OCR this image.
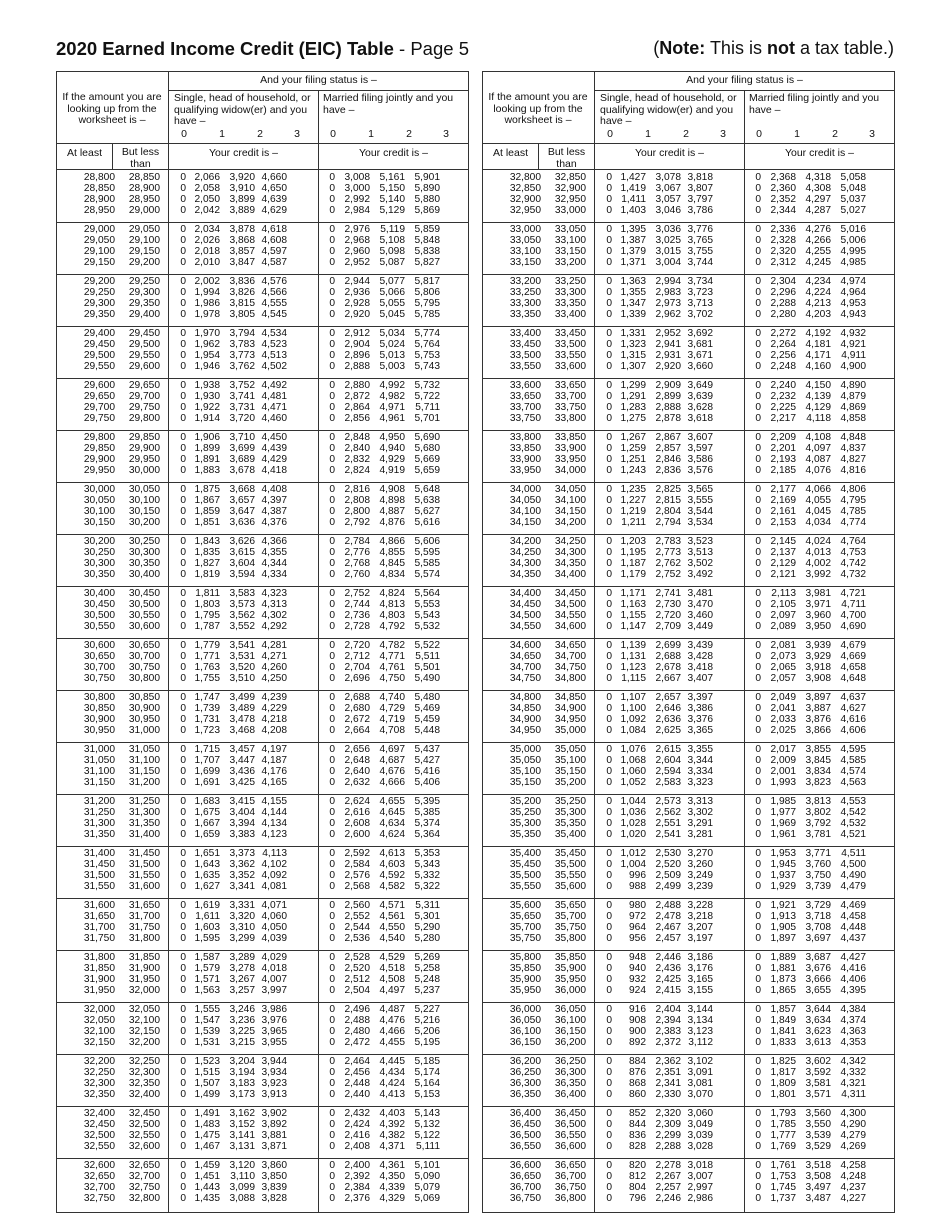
2020 Earned Income Credit (EIC) Table - Page 5	(Note: This is not a tax table.)
And your filing status is –
If the amount you are looking up from the worksheet is –
Single, head of household, or qualifying widow(er) and you have –
Married filing jointly and you have –
0	1	2	3	0	1	2	3
At least	But less than
Your credit is –	Your credit is –
28,800 28,850 0 2,066 3,920 4,660	0 3,008 5,161 5,901
28,850 28,900 0 2,058 3,910 4,650	0 3,000 5,150 5,890
28,900 28,950 0 2,050 3,899 4,639	0 2,992 5,140 5,880
28,950 29,000 0 2,042 3,889 4,629	0 2,984 5,129 5,869
29,000 29,050 0 2,034 3,878 4,618	0 2,976 5,119 5,859
29,050 29,100 0 2,026 3,868 4,608	0 2,968 5,108 5,848
29,100 29,150 0 2,018 3,857 4,597	0 2,960 5,098 5,838
29,150 29,200 0 2,010 3,847 4,587	0 2,952 5,087 5,827
29,200 29,250 0 2,002 3,836 4,576	0 2,944 5,077 5,817
29,250 29,300 0 1,994 3,826 4,566	0 2,936 5,066 5,806
29,300 29,350 0 1,986 3,815 4,555	0 2,928 5,055 5,795
29,350 29,400 0 1,978 3,805 4,545	0 2,920 5,045 5,785
29,400 29,450 0 1,970 3,794 4,534	0 2,912 5,034 5,774
29,450 29,500 0 1,962 3,783 4,523	0 2,904 5,024 5,764
29,500 29,550 0 1,954 3,773 4,513	0 2,896 5,013 5,753
29,550 29,600 0 1,946 3,762 4,502	0 2,888 5,003 5,743
29,600 29,650 0 1,938 3,752 4,492	0 2,880 4,992 5,732
29,650 29,700 0 1,930 3,741 4,481	0 2,872 4,982 5,722
29,700 29,750 0 1,922 3,731 4,471	0 2,864 4,971 5,711
29,750 29,800 0 1,914 3,720 4,460	0 2,856 4,961 5,701
29,800 29,850 0 1,906 3,710 4,450	0 2,848 4,950 5,690
29,850 29,900 0 1,899 3,699 4,439	0 2,840 4,940 5,680
29,900 29,950 0 1,891 3,689 4,429	0 2,832 4,929 5,669
29,950 30,000 0 1,883 3,678 4,418	0 2,824 4,919 5,659
30,000 30,050 0 1,875 3,668 4,408	0 2,816 4,908 5,648
30,050 30,100 0 1,867 3,657 4,397	0 2,808 4,898 5,638
30,100 30,150 0 1,859 3,647 4,387	0 2,800 4,887 5,627
30,150 30,200 0 1,851 3,636 4,376	0 2,792 4,876 5,616
30,200 30,250 0 1,843 3,626 4,366	0 2,784 4,866 5,606
30,250 30,300 0 1,835 3,615 4,355	0 2,776 4,855 5,595
30,300 30,350 0 1,827 3,604 4,344	0 2,768 4,845 5,585
30,350 30,400 0 1,819 3,594 4,334	0 2,760 4,834 5,574
30,400 30,450 0 1,811 3,583 4,323	0 2,752 4,824 5,564
30,450 30,500 0 1,803 3,573 4,313	0 2,744 4,813 5,553
30,500 30,550 0 1,795 3,562 4,302	0 2,736 4,803 5,543
30,550 30,600 0 1,787 3,552 4,292	0 2,728 4,792 5,532
30,600 30,650 0 1,779 3,541 4,281	0 2,720 4,782 5,522
30,650 30,700 0 1,771 3,531 4,271	0 2,712 4,771 5,511
30,700 30,750 0 1,763 3,520 4,260	0 2,704 4,761 5,501
30,750 30,800 0 1,755 3,510 4,250	0 2,696 4,750 5,490
30,800 30,850 0 1,747 3,499 4,239	0 2,688 4,740 5,480
30,850 30,900 0 1,739 3,489 4,229	0 2,680 4,729 5,469
30,900 30,950 0 1,731 3,478 4,218	0 2,672 4,719 5,459
30,950 31,000 0 1,723 3,468 4,208	0 2,664 4,708 5,448
31,000 31,050 0 1,715 3,457 4,197	0 2,656 4,697 5,437
31,050 31,100 0 1,707 3,447 4,187	0 2,648 4,687 5,427
31,100 31,150 0 1,699 3,436 4,176	0 2,640 4,676 5,416
31,150 31,200 0 1,691 3,425 4,165	0 2,632 4,666 5,406
31,200 31,250 0 1,683 3,415 4,155	0 2,624 4,655 5,395
31,250 31,300 0 1,675 3,404 4,144	0 2,616 4,645 5,385
31,300 31,350 0 1,667 3,394 4,134	0 2,608 4,634 5,374
31,350 31,400 0 1,659 3,383 4,123	0 2,600 4,624 5,364
31,400 31,450 0 1,651 3,373 4,113	0 2,592 4,613 5,353
31,450 31,500 0 1,643 3,362 4,102	0 2,584 4,603 5,343
31,500 31,550 0 1,635 3,352 4,092	0 2,576 4,592 5,332
31,550 31,600 0 1,627 3,341 4,081	0 2,568 4,582 5,322
31,600 31,650 0 1,619 3,331 4,071	0 2,560 4,571 5,311
31,650 31,700 0 1,611 3,320 4,060	0 2,552 4,561 5,301
31,700 31,750 0 1,603 3,310 4,050	0 2,544 4,550 5,290
31,750 31,800 0 1,595 3,299 4,039	0 2,536 4,540 5,280
31,800 31,850 0 1,587 3,289 4,029	0 2,528 4,529 5,269
31,850 31,900 0 1,579 3,278 4,018	0 2,520 4,518 5,258
31,900 31,950 0 1,571 3,267 4,007	0 2,512 4,508 5,248
31,950 32,000 0 1,563 3,257 3,997	0 2,504 4,497 5,237
32,000 32,050 0 1,555 3,246 3,986	0 2,496 4,487 5,227
32,050 32,100 0 1,547 3,236 3,976	0 2,488 4,476 5,216
32,100 32,150 0 1,539 3,225 3,965	0 2,480 4,466 5,206
32,150 32,200 0 1,531 3,215 3,955	0 2,472 4,455 5,195
32,200 32,250 0 1,523 3,204 3,944	0 2,464 4,445 5,185
32,250 32,300 0 1,515 3,194 3,934	0 2,456 4,434 5,174
32,300 32,350 0 1,507 3,183 3,923	0 2,448 4,424 5,164
32,350 32,400 0 1,499 3,173 3,913	0 2,440 4,413 5,153
32,400 32,450 0 1,491 3,162 3,902	0 2,432 4,403 5,143
32,450 32,500 0 1,483 3,152 3,892	0 2,424 4,392 5,132
32,500 32,550 0 1,475 3,141 3,881	0 2,416 4,382 5,122
32,550 32,600 0 1,467 3,131 3,871	0 2,408 4,371 5,111
32,600 32,650 0 1,459 3,120 3,860	0 2,400 4,361 5,101
32,650 32,700 0 1,451 3,110 3,850	0 2,392 4,350 5,090
32,700 32,750 0 1,443 3,099 3,839	0 2,384 4,339 5,079
32,750 32,800 0 1,435 3,088 3,828	0 2,376 4,329 5,069
And your filing status is –
If the amount you are looking up from the worksheet is –
Single, head of household, or qualifying widow(er) and you have –
Married filing jointly and you have –
0	1	2	3	0	1	2	3
At least	But less than
Your credit is –	Your credit is –
32,800 32,850 0 1,427 3,078 3,818	0 2,368 4,318 5,058
32,850 32,900 0 1,419 3,067 3,807	0 2,360 4,308 5,048
32,900 32,950 0 1,411 3,057 3,797	0 2,352 4,297 5,037
32,950 33,000 0 1,403 3,046 3,786	0 2,344 4,287 5,027
33,000 33,050 0 1,395 3,036 3,776	0 2,336 4,276 5,016
33,050 33,100 0 1,387 3,025 3,765	0 2,328 4,266 5,006
33,100 33,150 0 1,379 3,015 3,755	0 2,320 4,255 4,995
33,150 33,200 0 1,371 3,004 3,744	0 2,312 4,245 4,985
33,200 33,250 0 1,363 2,994 3,734	0 2,304 4,234 4,974
33,250 33,300 0 1,355 2,983 3,723	0 2,296 4,224 4,964
33,300 33,350 0 1,347 2,973 3,713	0 2,288 4,213 4,953
33,350 33,400 0 1,339 2,962 3,702	0 2,280 4,203 4,943
33,400 33,450 0 1,331 2,952 3,692	0 2,272 4,192 4,932
33,450 33,500 0 1,323 2,941 3,681	0 2,264 4,181 4,921
33,500 33,550 0 1,315 2,931 3,671	0 2,256 4,171 4,911
33,550 33,600 0 1,307 2,920 3,660	0 2,248 4,160 4,900
33,600 33,650 0 1,299 2,909 3,649	0 2,240 4,150 4,890
33,650 33,700 0 1,291 2,899 3,639	0 2,232 4,139 4,879
33,700 33,750 0 1,283 2,888 3,628	0 2,225 4,129 4,869
33,750 33,800 0 1,275 2,878 3,618	0 2,217 4,118 4,858
33,800 33,850 0 1,267 2,867 3,607	0 2,209 4,108 4,848
33,850 33,900 0 1,259 2,857 3,597	0 2,201 4,097 4,837
33,900 33,950 0 1,251 2,846 3,586	0 2,193 4,087 4,827
33,950 34,000 0 1,243 2,836 3,576	0 2,185 4,076 4,816
34,000 34,050 0 1,235 2,825 3,565	0 2,177 4,066 4,806
34,050 34,100 0 1,227 2,815 3,555	0 2,169 4,055 4,795
34,100 34,150 0 1,219 2,804 3,544	0 2,161 4,045 4,785
34,150 34,200 0 1,211 2,794 3,534	0 2,153 4,034 4,774
34,200 34,250 0 1,203 2,783 3,523	0 2,145 4,024 4,764
34,250 34,300 0 1,195 2,773 3,513	0 2,137 4,013 4,753
34,300 34,350 0 1,187 2,762 3,502	0 2,129 4,002 4,742
34,350 34,400 0 1,179 2,752 3,492	0 2,121 3,992 4,732
34,400 34,450 0 1,171 2,741 3,481	0 2,113 3,981 4,721
34,450 34,500 0 1,163 2,730 3,470	0 2,105 3,971 4,711
34,500 34,550 0 1,155 2,720 3,460	0 2,097 3,960 4,700
34,550 34,600 0 1,147 2,709 3,449	0 2,089 3,950 4,690
34,600 34,650 0 1,139 2,699 3,439	0 2,081 3,939 4,679
34,650 34,700 0 1,131 2,688 3,428	0 2,073 3,929 4,669
34,700 34,750 0 1,123 2,678 3,418	0 2,065 3,918 4,658
34,750 34,800 0 1,115 2,667 3,407	0 2,057 3,908 4,648
34,800 34,850 0 1,107 2,657 3,397	0 2,049 3,897 4,637
34,850 34,900 0 1,100 2,646 3,386	0 2,041 3,887 4,627
34,900 34,950 0 1,092 2,636 3,376	0 2,033 3,876 4,616
34,950 35,000 0 1,084 2,625 3,365	0 2,025 3,866 4,606
35,000 35,050 0 1,076 2,615 3,355	0 2,017 3,855 4,595
35,050 35,100 0 1,068 2,604 3,344	0 2,009 3,845 4,585
35,100 35,150 0 1,060 2,594 3,334	0 2,001 3,834 4,574
35,150 35,200 0 1,052 2,583 3,323	0 1,993 3,823 4,563
35,200 35,250 0 1,044 2,573 3,313	0 1,985 3,813 4,553
35,250 35,300 0 1,036 2,562 3,302	0 1,977 3,802 4,542
35,300 35,350 0 1,028 2,551 3,291	0 1,969 3,792 4,532
35,350 35,400 0 1,020 2,541 3,281	0 1,961 3,781 4,521
35,400 35,450 0 1,012 2,530 3,270	0 1,953 3,771 4,511
35,450 35,500 0 1,004 2,520 3,260	0 1,945 3,760 4,500
35,500 35,550 0 996 2,509 3,249	0 1,937 3,750 4,490
35,550 35,600 0 988 2,499 3,239	0 1,929 3,739 4,479
35,600 35,650 0 980 2,488 3,228	0 1,921 3,729 4,469
35,650 35,700 0 972 2,478 3,218	0 1,913 3,718 4,458
35,700 35,750 0 964 2,467 3,207	0 1,905 3,708 4,448
35,750 35,800 0 956 2,457 3,197	0 1,897 3,697 4,437
35,800 35,850 0 948 2,446 3,186	0 1,889 3,687 4,427
35,850 35,900 0 940 2,436 3,176	0 1,881 3,676 4,416
35,900 35,950 0 932 2,425 3,165	0 1,873 3,666 4,406
35,950 36,000 0 924 2,415 3,155	0 1,865 3,655 4,395
36,000 36,050 0 916 2,404 3,144	0 1,857 3,644 4,384
36,050 36,100 0 908 2,394 3,134	0 1,849 3,634 4,374
36,100 36,150 0 900 2,383 3,123	0 1,841 3,623 4,363
36,150 36,200 0 892 2,372 3,112	0 1,833 3,613 4,353
36,200 36,250 0 884 2,362 3,102	0 1,825 3,602 4,342
36,250 36,300 0 876 2,351 3,091	0 1,817 3,592 4,332
36,300 36,350 0 868 2,341 3,081	0 1,809 3,581 4,321
36,350 36,400 0 860 2,330 3,070	0 1,801 3,571 4,311
36,400 36,450 0 852 2,320 3,060	0 1,793 3,560 4,300
36,450 36,500 0 844 2,309 3,049	0 1,785 3,550 4,290
36,500 36,550 0 836 2,299 3,039	0 1,777 3,539 4,279
36,550 36,600 0 828 2,288 3,028	0 1,769 3,529 4,269
36,600 36,650 0 820 2,278 3,018	0 1,761 3,518 4,258
36,650 36,700 0 812 2,267 3,007	0 1,753 3,508 4,248
36,700 36,750 0 804 2,257 2,997	0 1,745 3,497 4,237
36,750 36,800 0 796 2,246 2,986	0 1,737 3,487 4,227
